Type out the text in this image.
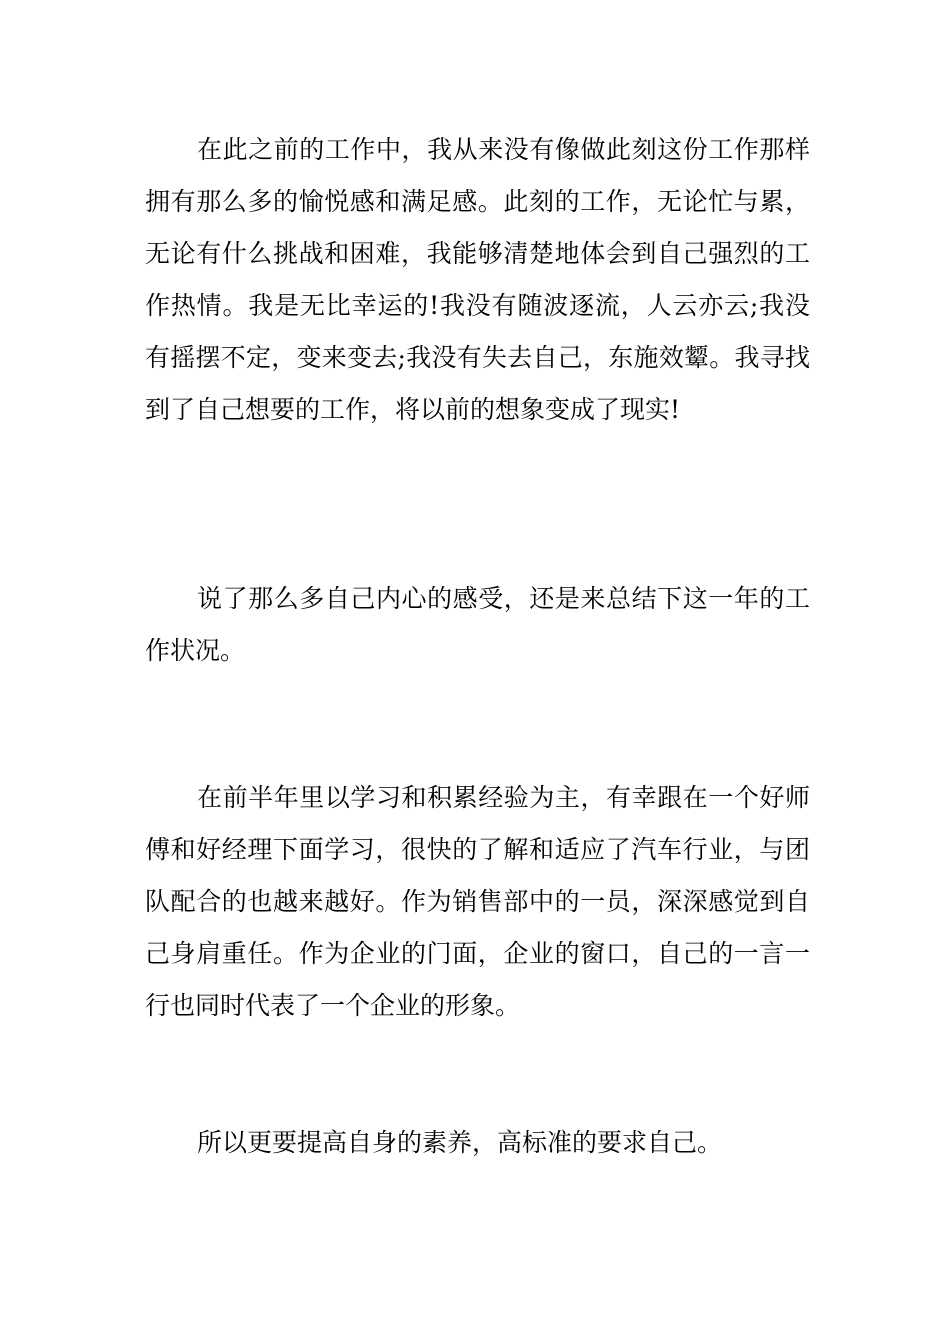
在此之前的工作中，我从来没有像做此刻这份工作那样拥有那么多的愉悦感和满足感。此刻的工作，无论忙与累，无论有什么挑战和困难，我能够清楚地体会到自己强烈的工作热情。我是无比幸运的!我没有随波逐流，人云亦云;我没有摇摆不定，变来变去;我没有失去自己，东施效颦。我寻找到了自己想要的工作，将以前的想象变成了现实!

说了那么多自己内心的感受，还是来总结下这一年的工作状况。

在前半年里以学习和积累经验为主，有幸跟在一个好师傅和好经理下面学习，很快的了解和适应了汽车行业，与团队配合的也越来越好。作为销售部中的一员，深深感觉到自己身肩重任。作为企业的门面，企业的窗口，自己的一言一行也同时代表了一个企业的形象。

所以更要提高自身的素养，高标准的要求自己。
